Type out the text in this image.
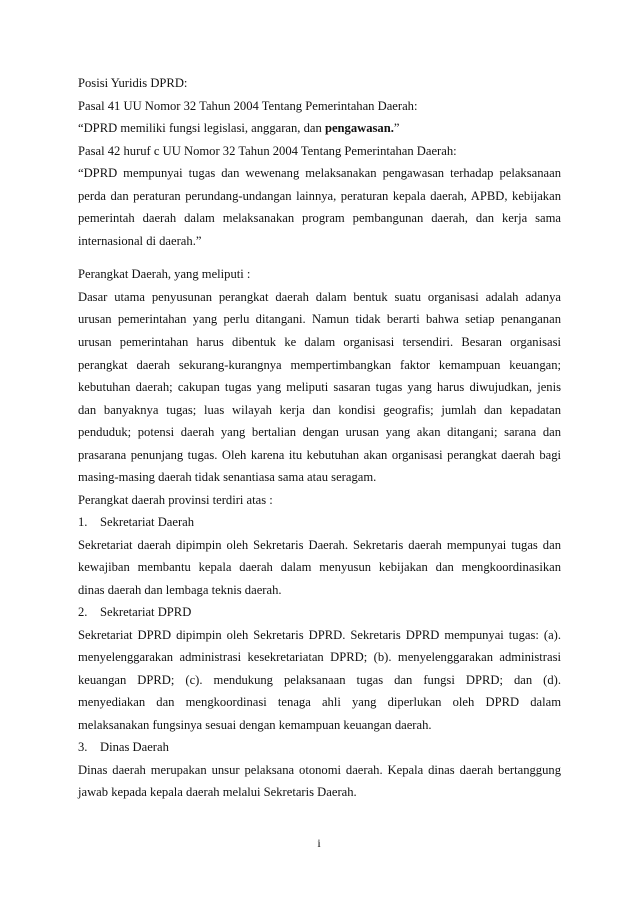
Posisi Yuridis DPRD:
Pasal 41 UU Nomor 32 Tahun 2004 Tentang Pemerintahan Daerah:
“DPRD memiliki fungsi legislasi, anggaran, dan pengawasan.”
Pasal 42 huruf c UU Nomor 32 Tahun 2004 Tentang Pemerintahan Daerah:
“DPRD mempunyai tugas dan wewenang melaksanakan pengawasan terhadap pelaksanaan
perda dan peraturan perundang-undangan lainnya, peraturan kepala daerah, APBD, kebijakan
pemerintah daerah dalam melaksanakan program pembangunan daerah, dan kerja sama
internasional di daerah.”
Perangkat Daerah, yang meliputi :
Dasar utama penyusunan perangkat daerah dalam bentuk suatu organisasi adalah adanya
urusan pemerintahan yang perlu ditangani. Namun tidak berarti bahwa setiap penanganan
urusan pemerintahan harus dibentuk ke dalam organisasi tersendiri. Besaran organisasi
perangkat daerah sekurang-kurangnya mempertimbangkan faktor kemampuan keuangan;
kebutuhan daerah; cakupan tugas yang meliputi sasaran tugas yang harus diwujudkan, jenis
dan banyaknya tugas; luas wilayah kerja dan kondisi geografis; jumlah dan kepadatan
penduduk; potensi daerah yang bertalian dengan urusan yang akan ditangani; sarana dan
prasarana penunjang tugas. Oleh karena itu kebutuhan akan organisasi perangkat daerah bagi
masing-masing daerah tidak senantiasa sama atau seragam.
Perangkat daerah provinsi terdiri atas :
1. Sekretariat Daerah
Sekretariat daerah dipimpin oleh Sekretaris Daerah. Sekretaris daerah mempunyai tugas dan
kewajiban membantu kepala daerah dalam menyusun kebijakan dan mengkoordinasikan
dinas daerah dan lembaga teknis daerah.
2. Sekretariat DPRD
Sekretariat DPRD dipimpin oleh Sekretaris DPRD. Sekretaris DPRD mempunyai tugas: (a).
menyelenggarakan administrasi kesekretariatan DPRD; (b). menyelenggarakan administrasi
keuangan DPRD; (c). mendukung pelaksanaan tugas dan fungsi DPRD; dan (d).
menyediakan dan mengkoordinasi tenaga ahli yang diperlukan oleh DPRD dalam
melaksanakan fungsinya sesuai dengan kemampuan keuangan daerah.
3. Dinas Daerah
Dinas daerah merupakan unsur pelaksana otonomi daerah. Kepala dinas daerah bertanggung
jawab kepada kepala daerah melalui Sekretaris Daerah.
i
